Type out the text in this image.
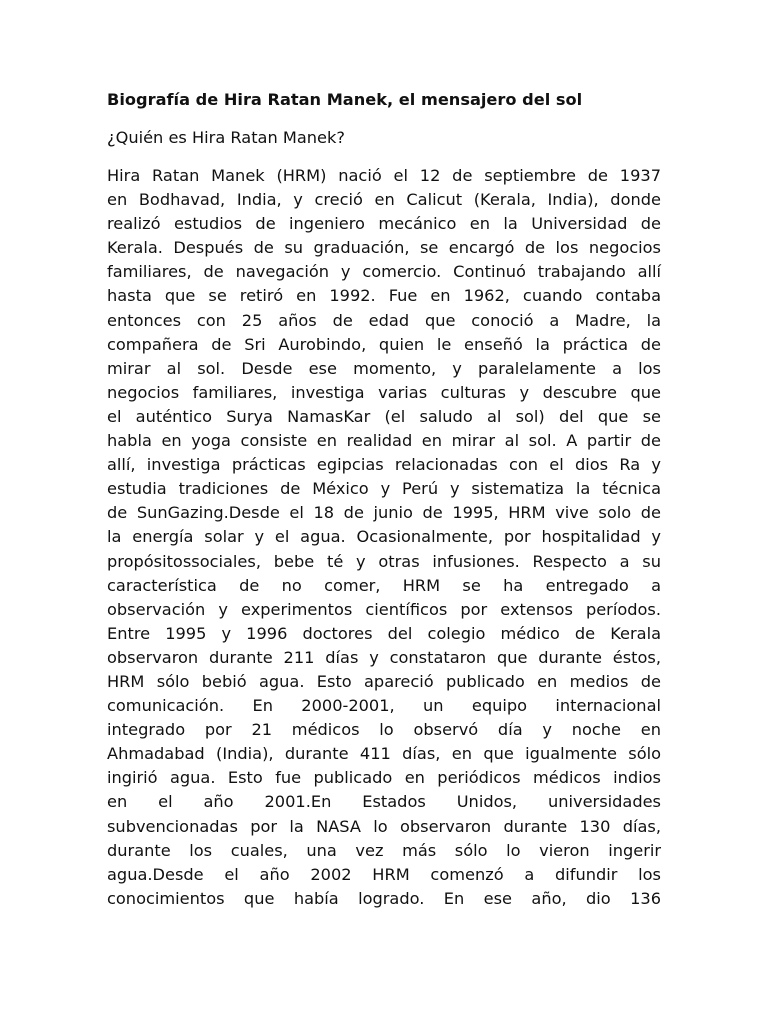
Biografía de Hira Ratan Manek, el mensajero del sol

¿Quién es Hira Ratan Manek?

Hira Ratan Manek (HRM) nació el 12 de septiembre de 1937
en Bodhavad, India, y creció en Calicut (Kerala, India), donde
realizó estudios de ingeniero mecánico en la Universidad de
Kerala. Después de su graduación, se encargó de los negocios
familiares, de navegación y comercio. Continuó trabajando allí
hasta que se retiró en 1992. Fue en 1962, cuando contaba
entonces con 25 años de edad que conoció a Madre, la
compañera de Sri Aurobindo, quien le enseñó la práctica de
mirar al sol. Desde ese momento, y paralelamente a los
negocios familiares, investiga varias culturas y descubre que
el auténtico Surya NamasKar (el saludo al sol) del que se
habla en yoga consiste en realidad en mirar al sol. A partir de
allí, investiga prácticas egipcias relacionadas con el dios Ra y
estudia tradiciones de México y Perú y sistematiza la técnica
de SunGazing.Desde el 18 de junio de 1995, HRM vive solo de
la energía solar y el agua. Ocasionalmente, por hospitalidad y
propósitossociales, bebe té y otras infusiones. Respecto a su
característica de no comer, HRM se ha entregado a
observación y experimentos científicos por extensos períodos.
Entre 1995 y 1996 doctores del colegio médico de Kerala
observaron durante 211 días y constataron que durante éstos,
HRM sólo bebió agua. Esto apareció publicado en medios de
comunicación. En 2000-2001, un equipo internacional
integrado por 21 médicos lo observó día y noche en
Ahmadabad (India), durante 411 días, en que igualmente sólo
ingirió agua. Esto fue publicado en periódicos médicos indios
en el año 2001.En Estados Unidos, universidades
subvencionadas por la NASA lo observaron durante 130 días,
durante los cuales, una vez más sólo lo vieron ingerir
agua.Desde el año 2002 HRM comenzó a difundir los
conocimientos que había logrado. En ese año, dio 136
